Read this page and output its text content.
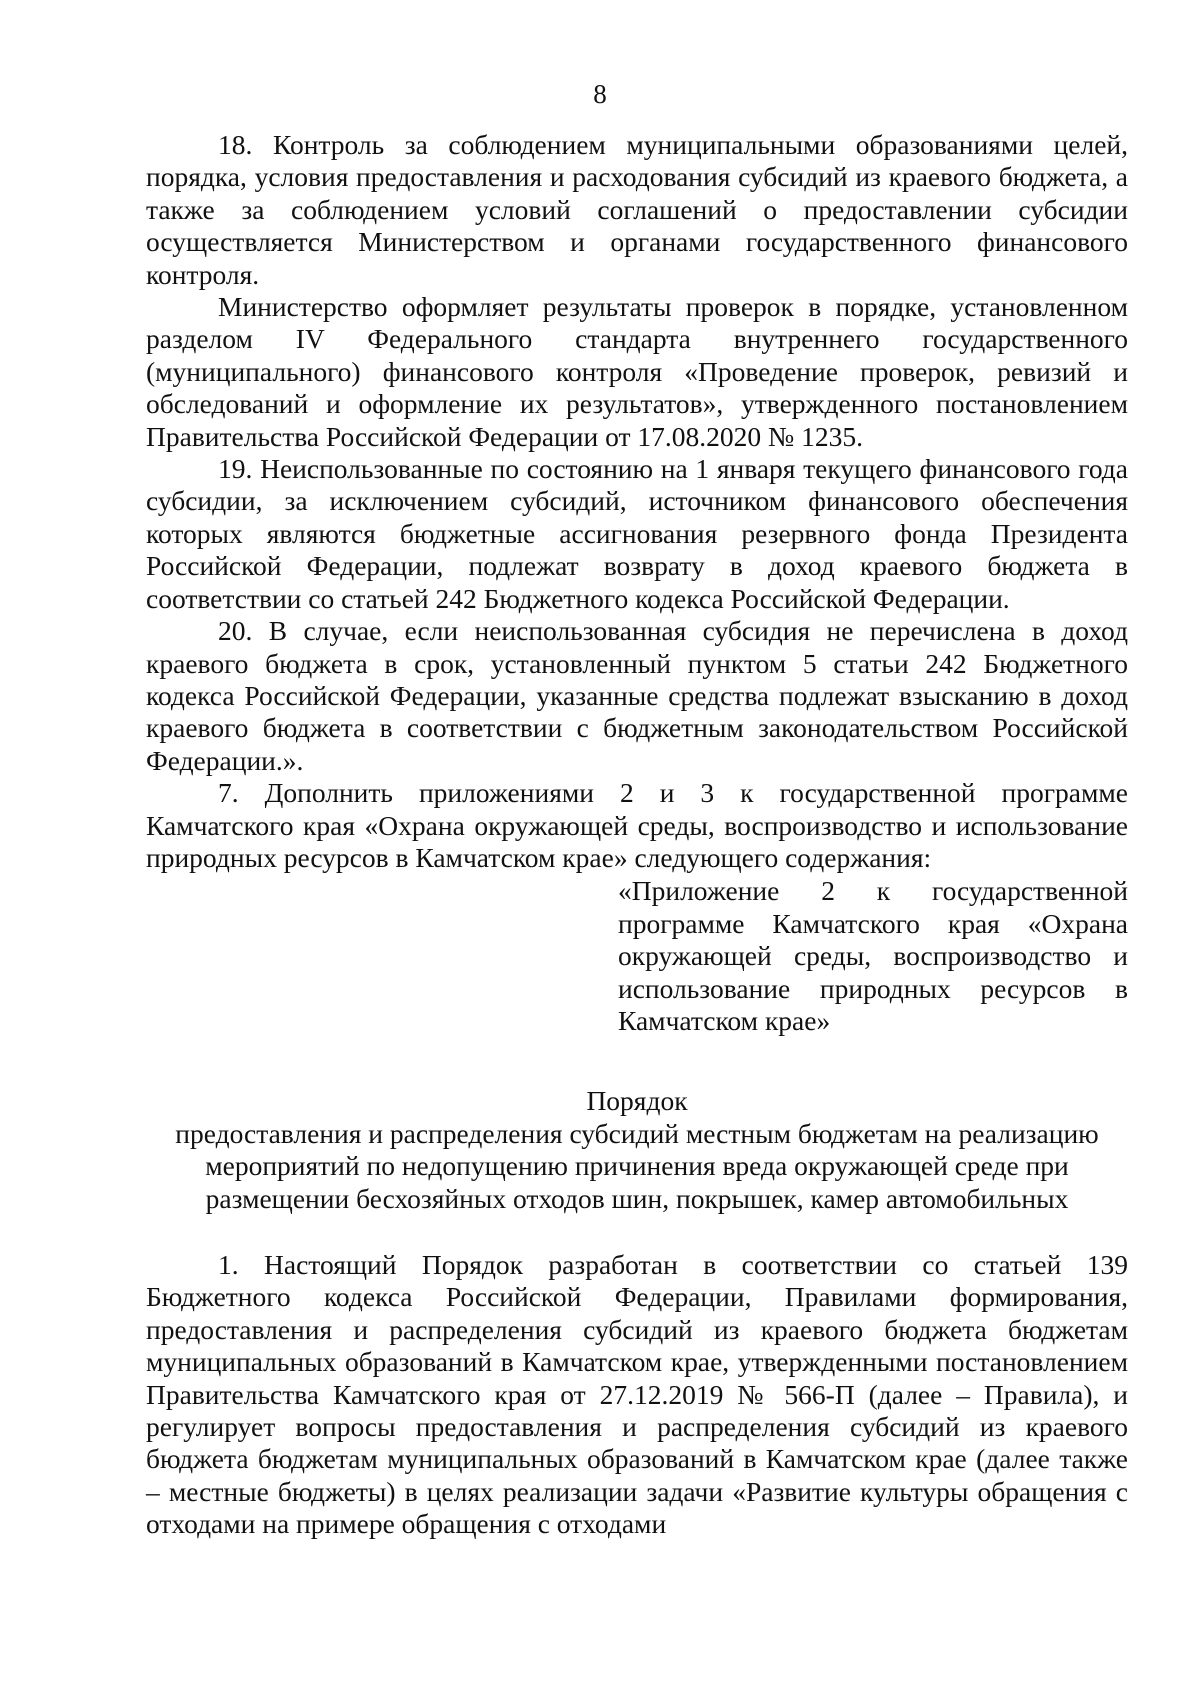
8

18. Контроль за соблюдением муниципальными образованиями целей, порядка, условия предоставления и расходования субсидий из краевого бюджета, а также за соблюдением условий соглашений о предоставлении субсидии осуществляется Министерством и органами государственного финансового контроля.

Министерство оформляет результаты проверок в порядке, установленном разделом IV Федерального стандарта внутреннего государственного (муниципального) финансового контроля «Проведение проверок, ревизий и обследований и оформление их результатов», утвержденного постановлением Правительства Российской Федерации от 17.08.2020 № 1235.

19. Неиспользованные по состоянию на 1 января текущего финансового года субсидии, за исключением субсидий, источником финансового обеспечения которых являются бюджетные ассигнования резервного фонда Президента Российской Федерации, подлежат возврату в доход краевого бюджета в соответствии со статьей 242 Бюджетного кодекса Российской Федерации.

20. В случае, если неиспользованная субсидия не перечислена в доход краевого бюджета в срок, установленный пунктом 5 статьи 242 Бюджетного кодекса Российской Федерации, указанные средства подлежат взысканию в доход краевого бюджета в соответствии с бюджетным законодательством Российской Федерации.».

7. Дополнить приложениями 2 и 3 к государственной программе Камчатского края «Охрана окружающей среды, воспроизводство и использование природных ресурсов в Камчатском крае» следующего содержания:

«Приложение 2 к государственной программе Камчатского края «Охрана окружающей среды, воспроизводство и использование природных ресурсов в Камчатском крае»

Порядок
предоставления и распределения субсидий местным бюджетам на реализацию
мероприятий по недопущению причинения вреда окружающей среде при
размещении бесхозяйных отходов шин, покрышек, камер автомобильных

1. Настоящий Порядок разработан в соответствии со статьей 139 Бюджетного кодекса Российской Федерации, Правилами формирования, предоставления и распределения субсидий из краевого бюджета бюджетам муниципальных образований в Камчатском крае, утвержденными постановлением Правительства Камчатского края от 27.12.2019 № 566-П (далее – Правила), и регулирует вопросы предоставления и распределения субсидий из краевого бюджета бюджетам муниципальных образований в Камчатском крае (далее также – местные бюджеты) в целях реализации задачи «Развитие культуры обращения с отходами на примере обращения с отходами
